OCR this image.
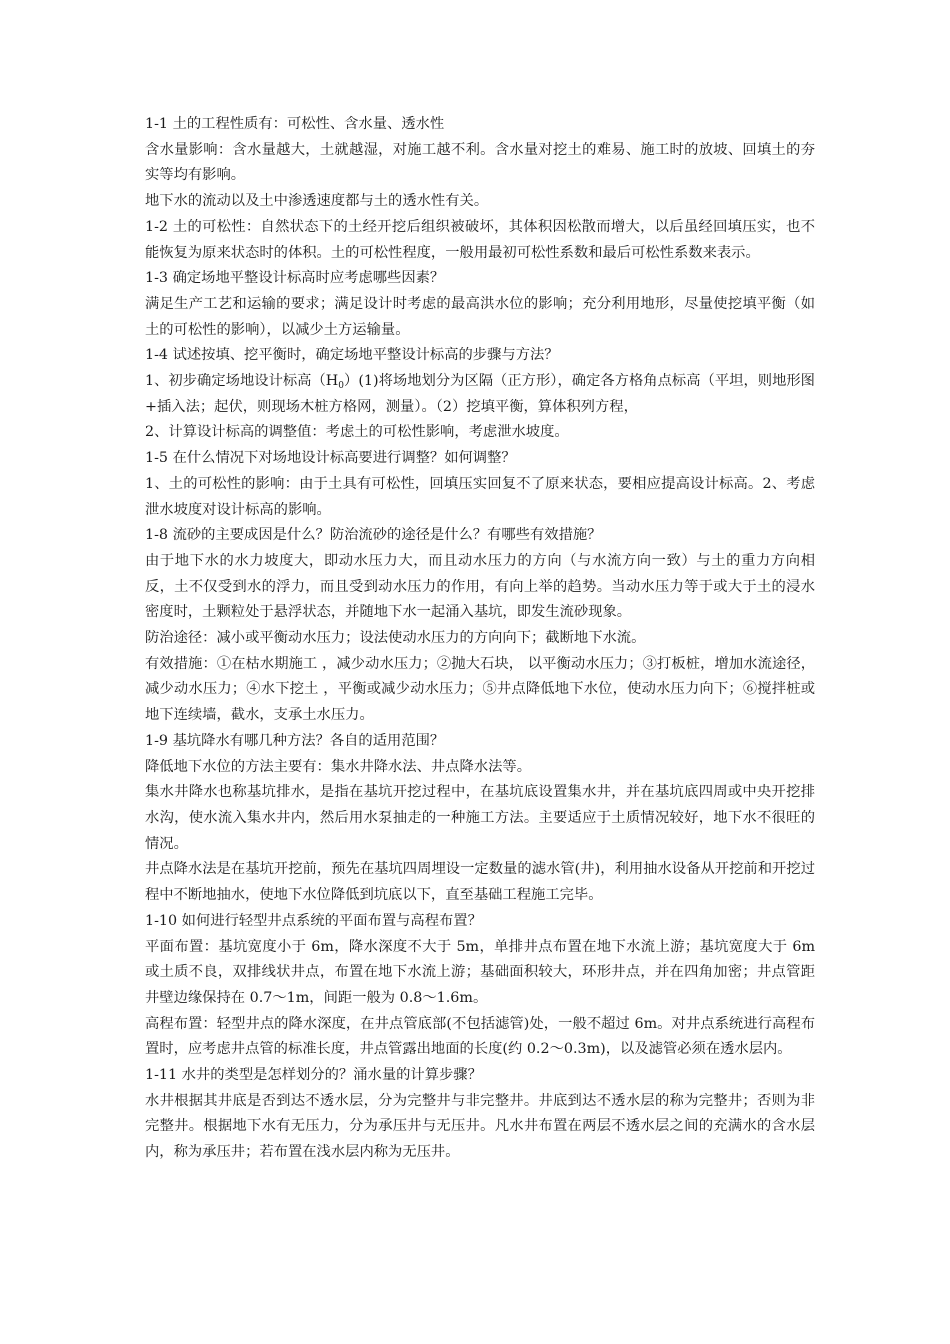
1-1 土的工程性质有：可松性、含水量、透水性

含水量影响：含水量越大，土就越湿，对施工越不利。含水量对挖土的难易、施工时的放坡、回填土的夯实等均有影响。

地下水的流动以及土中渗透速度都与土的透水性有关。

1-2 土的可松性：自然状态下的土经开挖后组织被破坏，其体积因松散而增大，以后虽经回填压实，也不能恢复为原来状态时的体积。土的可松性程度，一般用最初可松性系数和最后可松性系数来表示。

1-3 确定场地平整设计标高时应考虑哪些因素？

满足生产工艺和运输的要求；满足设计时考虑的最高洪水位的影响；充分利用地形，尽量使挖填平衡（如土的可松性的影响），以减少土方运输量。

1-4 试述按填、挖平衡时，确定场地平整设计标高的步骤与方法？

1、初步确定场地设计标高$(H_0)(1)$将场地划分为区隔（正方形），确定各方格角点标高（平坦，则地形图+插入法；起伏，则现场木桩方格网，测量）。（2）挖填平衡，算体积列方程，

2、计算设计标高的调整值：考虑土的可松性影响，考虑泄水坡度。

1-5 在什么情况下对场地设计标高要进行调整？如何调整？

1、土的可松性的影响：由于土具有可松性，回填压实回复不了原来状态，要相应提高设计标高。2、考虑泄水坡度对设计标高的影响。

1-8 流砂的主要成因是什么？防治流砂的途径是什么？有哪些有效措施？

由于地下水的水力坡度大，即动水压力大，而且动水压力的方向（与水流方向一致）与土的重力方向相反，土不仅受到水的浮力，而且受到动水压力的作用，有向上举的趋势。当动水压力等于或大于土的浸水密度时，土颗粒处于悬浮状态，并随地下水一起涌入基坑，即发生流砂现象。

防治途径：减小或平衡动水压力；设法使动水压力的方向向下；截断地下水流。

有效措施：①在枯水期施工 ，减少动水压力；②抛大石块， 以平衡动水压力；③打板桩，增加水流途径，减少动水压力；④水下挖土 ，平衡或减少动水压力；⑤井点降低地下水位，使动水压力向下；⑥搅拌桩或地下连续墙，截水，支承土水压力。

1-9 基坑降水有哪几种方法？各自的适用范围？

降低地下水位的方法主要有：集水井降水法、井点降水法等。

集水井降水也称基坑排水，是指在基坑开挖过程中，在基坑底设置集水井，并在基坑底四周或中央开挖排水沟，使水流入集水井内，然后用水泵抽走的一种施工方法。主要适应于土质情况较好，地下水不很旺的情况。

井点降水法是在基坑开挖前，预先在基坑四周埋设一定数量的滤水管(井)，利用抽水设备从开挖前和开挖过程中不断地抽水，使地下水位降低到坑底以下，直至基础工程施工完毕。

1-10 如何进行轻型井点系统的平面布置与高程布置？

平面布置：基坑宽度小于 6m，降水深度不大于 5m，单排井点布置在地下水流上游；基坑宽度大于 6m 或土质不良，双排线状井点，布置在地下水流上游；基础面积较大，环形井点，并在四角加密；井点管距井壁边缘保持在 0.7～1m，间距一般为 0.8～1.6m。

高程布置：轻型井点的降水深度，在井点管底部(不包括滤管)处，一般不超过 6m。对井点系统进行高程布置时，应考虑井点管的标准长度，井点管露出地面的长度(约 0.2～0.3m)，以及滤管必须在透水层内。

1-11 水井的类型是怎样划分的？涌水量的计算步骤？

水井根据其井底是否到达不透水层，分为完整井与非完整井。井底到达不透水层的称为完整井；否则为非完整井。根据地下水有无压力，分为承压井与无压井。凡水井布置在两层不透水层之间的充满水的含水层内，称为承压井；若布置在浅水层内称为无压井。
